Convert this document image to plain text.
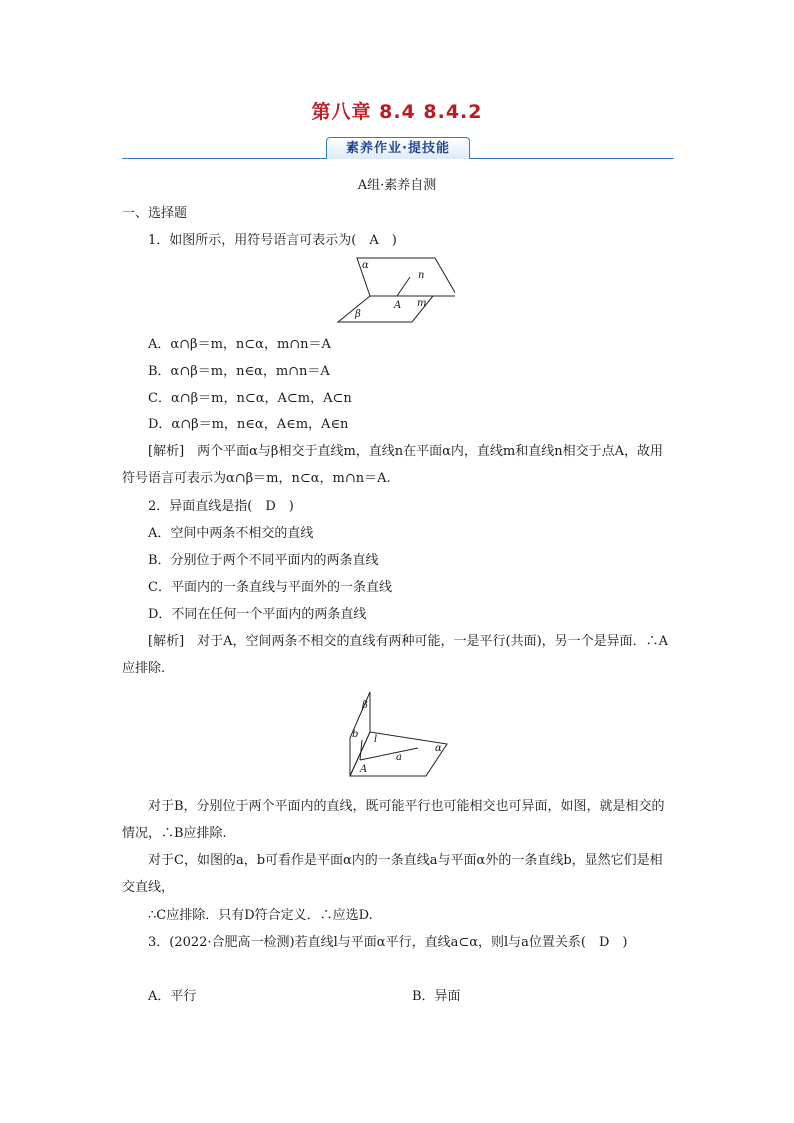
第八章 8.4 8.4.2
素养作业·提技能
A组·素养自测
一、选择题
1．如图所示，用符号语言可表示为(　A　)
α
β
n
m
A
A．α∩β＝m，n⊂α，m∩n＝A
B．α∩β＝m，n∈α，m∩n＝A
C．α∩β＝m，n⊂α，A⊂m，A⊂n
D．α∩β＝m，n∈α，A∈m，A∈n

[解析]　两个平面α与β相交于直线m，直线n在平面α内，直线m和直线n相交于点A，故用符号语言可表示为α∩β＝m，n⊂α，m∩n＝A.

2．异面直线是指(　D　)
A．空间中两条不相交的直线
B．分别位于两个不同平面内的两条直线
C．平面内的一条直线与平面外的一条直线
D．不同在任何一个平面内的两条直线

[解析]　对于A，空间两条不相交的直线有两种可能，一是平行(共面)，另一个是异面．∴A应排除.

β
b l
a
A
α

对于B，分别位于两个平面内的直线，既可能平行也可能相交也可异面，如图，就是相交的情况，∴B应排除.

对于C，如图的a，b可看作是平面α内的一条直线a与平面α外的一条直线b，显然它们是相交直线，

∴C应排除．只有D符合定义．∴应选D.

3．(2022·合肥高一检测)若直线l与平面α平行，直线a⊂α，则l与a位置关系(　D　)

A．平行	B．异面
